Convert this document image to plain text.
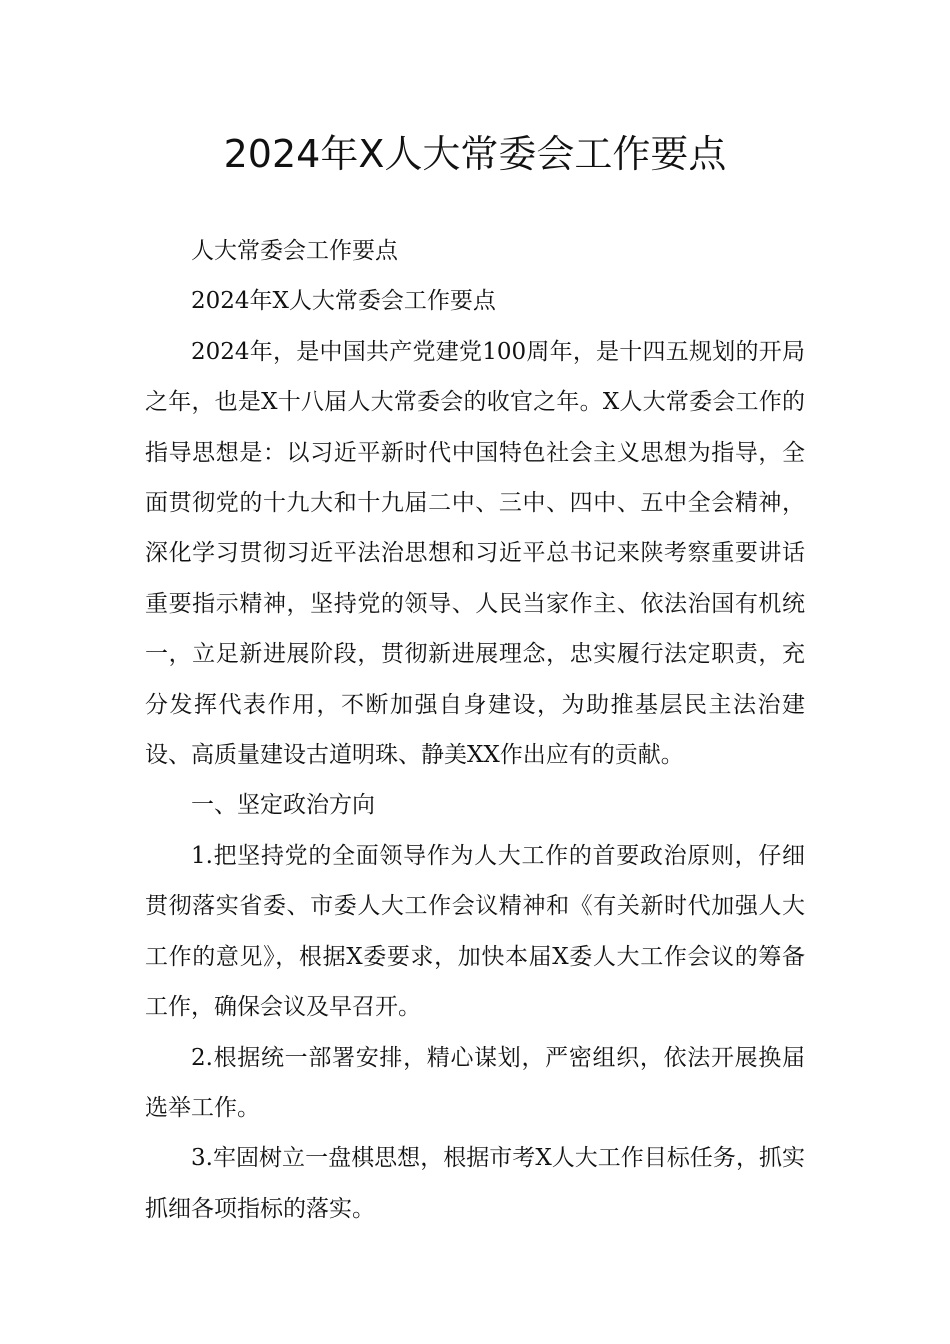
2024年X人大常委会工作要点

人大常委会工作要点

2024年X人大常委会工作要点

2024年，是中国共产党建党100周年，是十四五规划的开局之年，也是X十八届人大常委会的收官之年。X人大常委会工作的指导思想是：以习近平新时代中国特色社会主义思想为指导，全面贯彻党的十九大和十九届二中、三中、四中、五中全会精神，深化学习贯彻习近平法治思想和习近平总书记来陕考察重要讲话重要指示精神，坚持党的领导、人民当家作主、依法治国有机统一，立足新进展阶段，贯彻新进展理念，忠实履行法定职责，充分发挥代表作用，不断加强自身建设，为助推基层民主法治建设、高质量建设古道明珠、静美XX作出应有的贡献。

一、坚定政治方向

1.把坚持党的全面领导作为人大工作的首要政治原则，仔细贯彻落实省委、市委人大工作会议精神和《有关新时代加强人大工作的意见》，根据X委要求，加快本届X委人大工作会议的筹备工作，确保会议及早召开。

2.根据统一部署安排，精心谋划，严密组织，依法开展换届选举工作。

3.牢固树立一盘棋思想，根据市考X人大工作目标任务，抓实抓细各项指标的落实。
